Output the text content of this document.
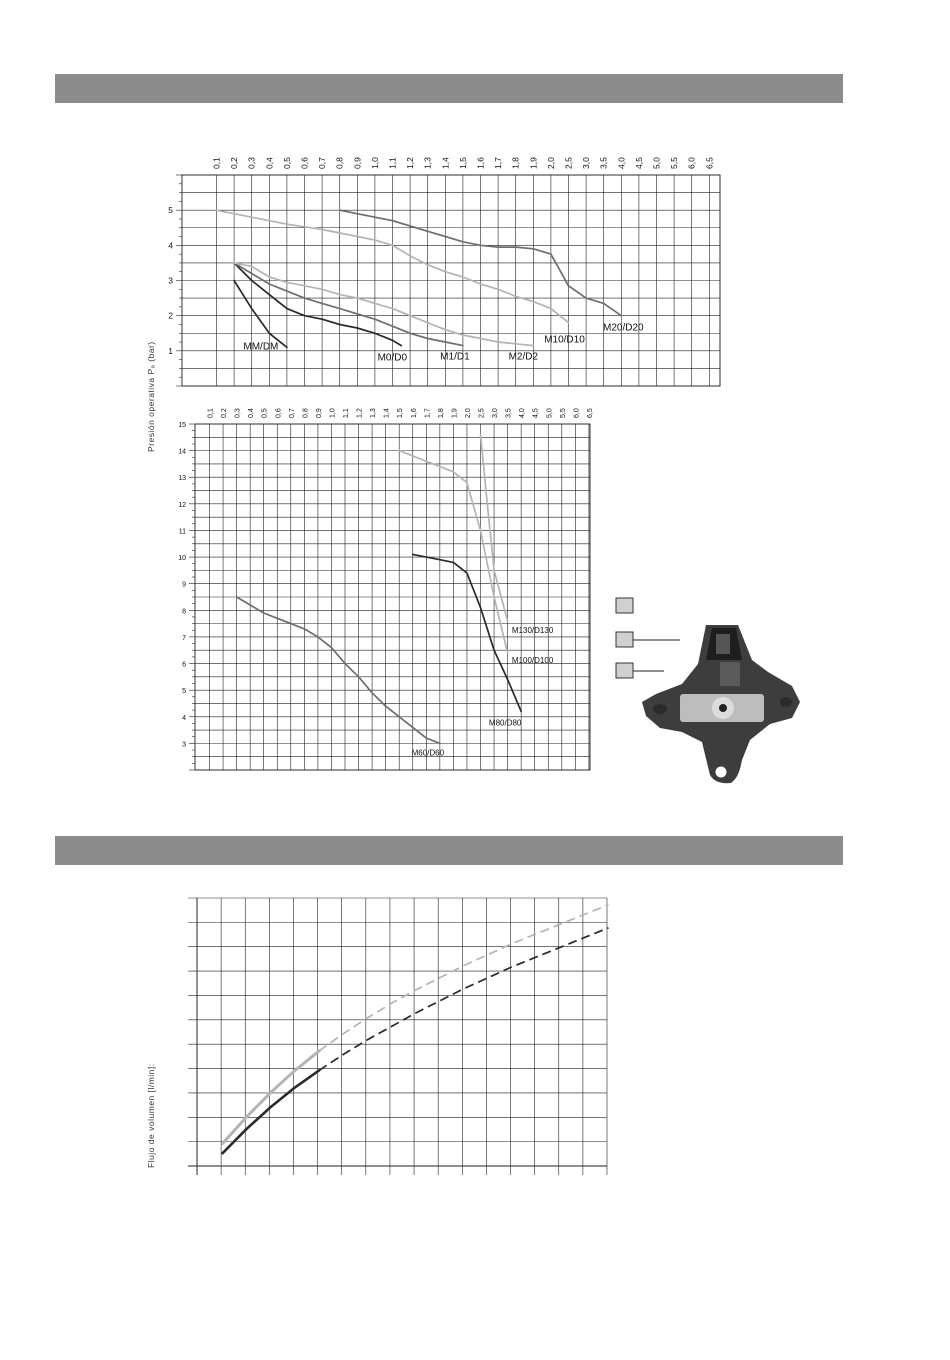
1
2
3
4
5
0,1 0,2 0,3 0,4 0,5 0,6 0,7 0,8 0,9 1,0 1,1 1,2 1,3 1,4 1,5 1,6 1,7 1,8 1,9 2,0 2,5 3,0 3,5 4,0 4,5 5,0 5,5 6,0 6,5
MM/DM
M0/D0	M1/D1	M2/D2
M10/D10
M20/D20
3
4
5
6
7
8
9
10
11
12
13
14
15
0,1 0,2 0,3 0,4 0,5 0,6 0,7 0,8 0,9 1,0 1,1 1,2 1,3 1,4 1,5 1,6 1,7 1,8 1,9 2,0 2,5 3,0 3,5 4,0 4,5 5,0 5,5 6,0 6,5
M60/D60
M80/D80
M100/D100
M130/D130
Presión operativa Pₐ (bar)
Flujo de volumen [l/min]:
